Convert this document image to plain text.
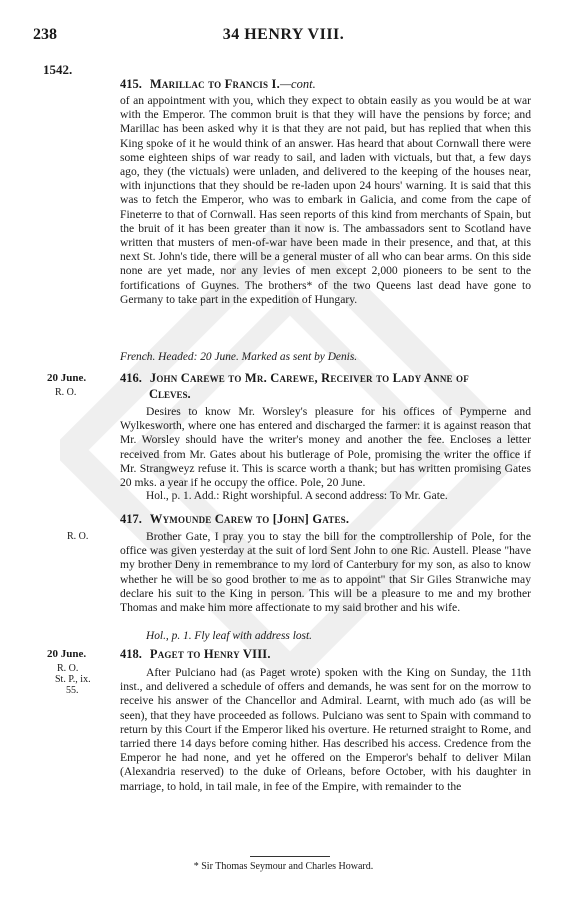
238	34 HENRY VIII.
1542.
415. Marillac to Francis I.—cont.

of an appointment with you, which they expect to obtain easily as you would be at war with the Emperor. The common bruit is that they will have the pensions by force; and Marillac has been asked why it is that they are not paid, but has replied that when this King spoke of it he would think of an answer. Has heard that about Cornwall there were some eighteen ships of war ready to sail, and laden with victuals, but that, a few days ago, they (the victuals) were unladen, and delivered to the keeping of the houses near, with injunctions that they should be re-laden upon 24 hours' warning. It is said that this was to fetch the Emperor, who was to embark in Galicia, and come from the cape of Fineterre to that of Cornwall. Has seen reports of this kind from merchants of Spain, but the bruit of it has been greater than it now is. The ambassadors sent to Scotland have written that musters of men-of-war have been made in their presence, and that, at this next St. John's tide, there will be a general muster of all who can bear arms. On this side none are yet made, nor any levies of men except 2,000 pioneers to be sent to the fortifications of Guynes. The brothers* of the two Queens last dead have gone to Germany to take part in the expedition of Hungary.

French. Headed: 20 June. Marked as sent by Denis.
20 June.
R. O.
416. John Carewe to Mr. Carewe, Receiver to Lady Anne of
Cleves.

Desires to know Mr. Worsley's pleasure for his offices of Pymperne and Wylkesworth, where one has entered and discharged the farmer: it is against reason that Mr. Worsley should have the writer's money and another the fee. Encloses a letter received from Mr. Gates about his butlerage of Pole, promising the writer the office if Mr. Strangweyz refuse it. This is scarce worth a thank; but has written promising Gates 20 mks. a year if he occupy the office. Pole, 20 June.

Hol., p. 1. Add.: Right worshipful. A second address: To Mr. Gate.
R. O.
417. Wymounde Carew to [John] Gates.

Brother Gate, I pray you to stay the bill for the comptrollership of Pole, for the office was given yesterday at the suit of lord Sent John to one Ric. Austell. Please "have my brother Deny in remembrance to my lord of Canterbury for my son, as also to know whether he will be so good brother to me as to appoint" that Sir Giles Stranwiche may declare his suit to the King in person. This will be a pleasure to me and my brother Thomas and make him more affectionate to my said brother and his wife.

Hol., p. 1. Fly leaf with address lost.
20 June.
R. O.
St. P., ix.
55.
418. Paget to Henry VIII.

After Pulciano had (as Paget wrote) spoken with the King on Sunday, the 11th inst., and delivered a schedule of offers and demands, he was sent for on the morrow to receive his answer of the Chancellor and Admiral. Learnt, with much ado (as will be seen), that they have proceeded as follows. Pulciano was sent to Spain with command to return by this Court if the Emperor liked his overture. He returned straight to Rome, and tarried there 14 days before coming hither. Has described his access. Credence from the Emperor he had none, and yet he offered on the Emperor's behalf to deliver Milan (Alexandria reserved) to the duke of Orleans, before October, with his daughter in marriage, to hold, in tail male, in fee of the Empire, with remainder to the

* Sir Thomas Seymour and Charles Howard.
